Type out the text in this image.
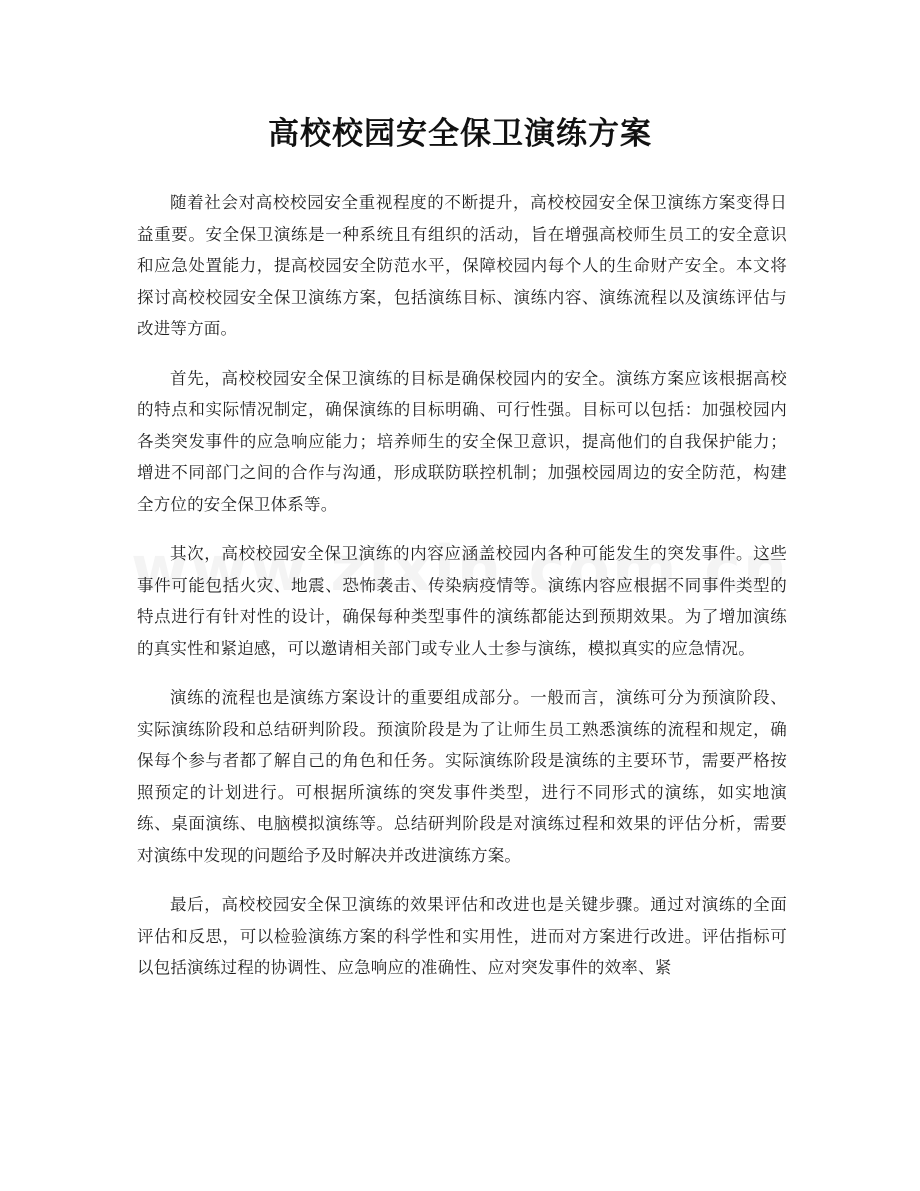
高校校园安全保卫演练方案

随着社会对高校校园安全重视程度的不断提升，高校校园安全保卫演练方案变得日益重要。安全保卫演练是一种系统且有组织的活动，旨在增强高校师生员工的安全意识和应急处置能力，提高校园安全防范水平，保障校园内每个人的生命财产安全。本文将探讨高校校园安全保卫演练方案，包括演练目标、演练内容、演练流程以及演练评估与改进等方面。

首先，高校校园安全保卫演练的目标是确保校园内的安全。演练方案应该根据高校的特点和实际情况制定，确保演练的目标明确、可行性强。目标可以包括：加强校园内各类突发事件的应急响应能力；培养师生的安全保卫意识，提高他们的自我保护能力；增进不同部门之间的合作与沟通，形成联防联控机制；加强校园周边的安全防范，构建全方位的安全保卫体系等。

其次，高校校园安全保卫演练的内容应涵盖校园内各种可能发生的突发事件。这些事件可能包括火灾、地震、恐怖袭击、传染病疫情等。演练内容应根据不同事件类型的特点进行有针对性的设计，确保每种类型事件的演练都能达到预期效果。为了增加演练的真实性和紧迫感，可以邀请相关部门或专业人士参与演练，模拟真实的应急情况。

演练的流程也是演练方案设计的重要组成部分。一般而言，演练可分为预演阶段、实际演练阶段和总结研判阶段。预演阶段是为了让师生员工熟悉演练的流程和规定，确保每个参与者都了解自己的角色和任务。实际演练阶段是演练的主要环节，需要严格按照预定的计划进行。可根据所演练的突发事件类型，进行不同形式的演练，如实地演练、桌面演练、电脑模拟演练等。总结研判阶段是对演练过程和效果的评估分析，需要对演练中发现的问题给予及时解决并改进演练方案。

最后，高校校园安全保卫演练的效果评估和改进也是关键步骤。通过对演练的全面评估和反思，可以检验演练方案的科学性和实用性，进而对方案进行改进。评估指标可以包括演练过程的协调性、应急响应的准确性、应对突发事件的效率、紧
